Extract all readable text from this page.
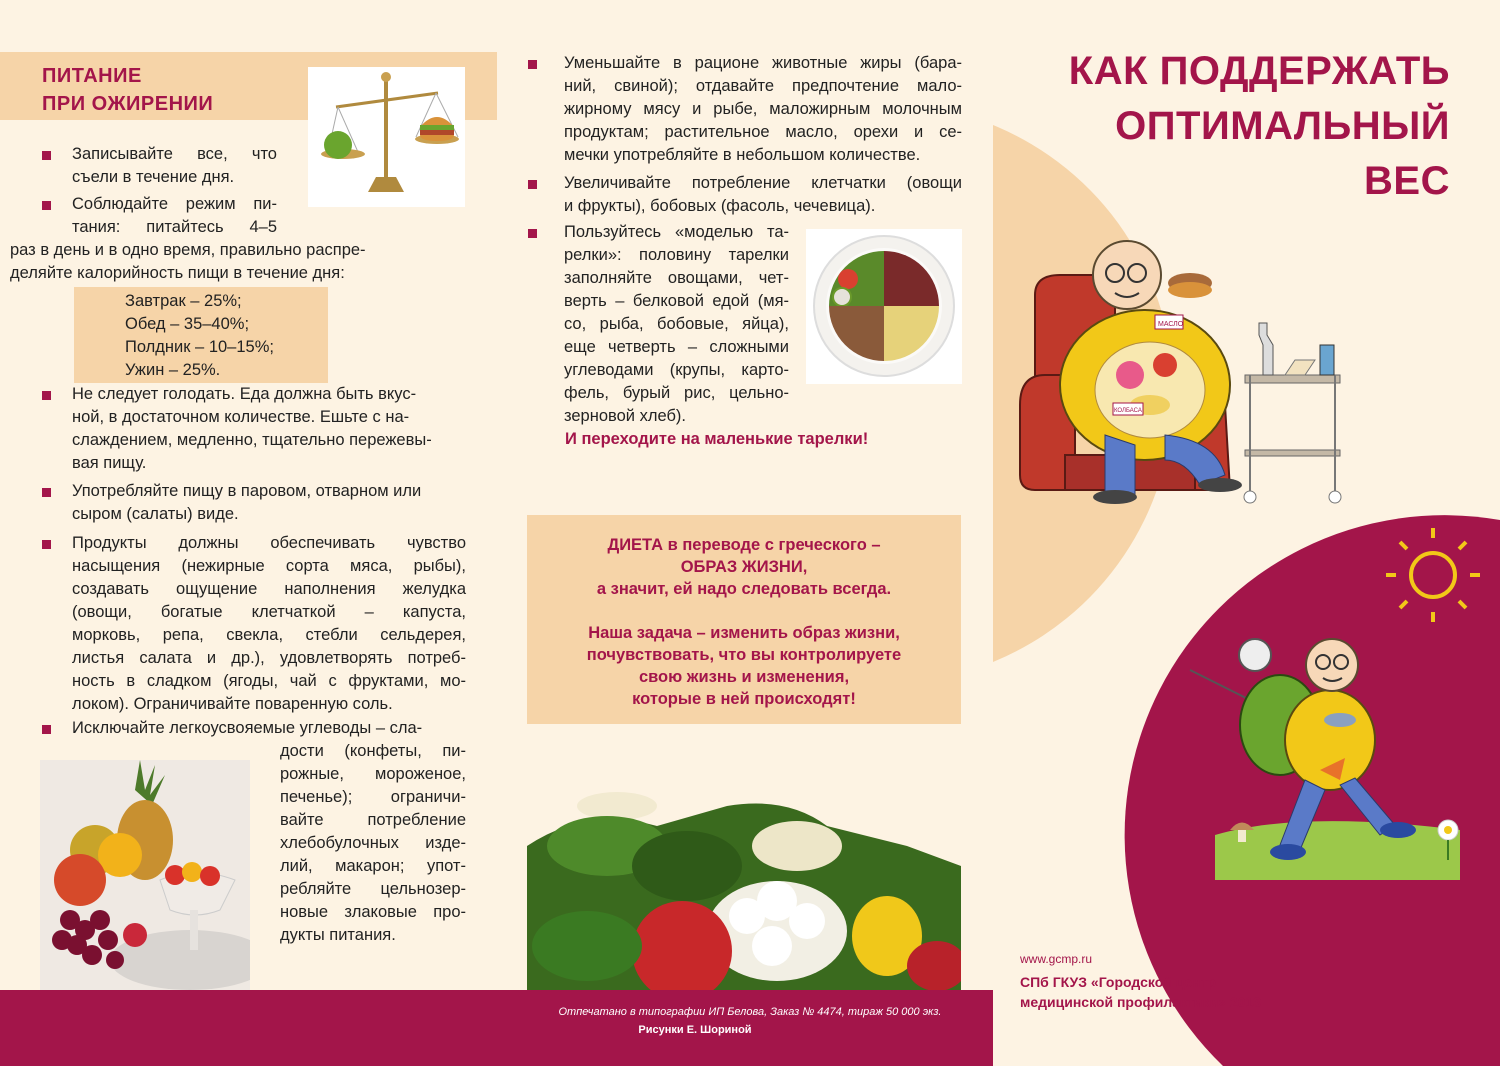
ПИТАНИЕ
ПРИ ОЖИРЕНИИ
Записывайте все, что
съели в течение дня.
Соблюдайте режим пи-
тания: питайтесь 4–5
раз в день и в одно время, правильно распре-
деляйте калорийность пищи в течение дня:
Завтрак – 25%;
Обед – 35–40%;
Полдник – 10–15%;
Ужин – 25%.
Не следует голодать. Еда должна быть вкус-
ной, в достаточном количестве. Ешьте с на-
слаждением, медленно, тщательно пережевы-
вая пищу.
Употребляйте пищу в паровом, отварном или
сыром (салаты) виде.
Продукты должны обеспечивать чувство
насыщения (нежирные сорта мяса, рыбы),
создавать ощущение наполнения желудка
(овощи, богатые клетчаткой – капуста,
морковь, репа, свекла, стебли сельдерея,
листья салата и др.), удовлетворять потреб-
ность в сладком (ягоды, чай с фруктами, мо-
локом). Ограничивайте поваренную соль.
Исключайте легкоусвояемые углеводы – сла-
дости (конфеты, пи-
рожные, мороженое,
печенье); ограничи-
вайте потребление
хлебобулочных изде-
лий, макарон; упот-
ребляйте цельнозер-
новые злаковые про-
дукты питания.
Уменьшайте в рационе животные жиры (бара-
ний, свиной); отдавайте предпочтение мало-
жирному мясу и рыбе, маложирным молочным
продуктам; растительное масло, орехи и се-
мечки употребляйте в небольшом количестве.
Увеличивайте потребление клетчатки (овощи
и фрукты), бобовых (фасоль, чечевица).
Пользуйтесь «моделью та-
релки»: половину тарелки
заполняйте овощами, чет-
верть – белковой едой (мя-
со, рыба, бобовые, яйца),
еще четверть – сложными
углеводами (крупы, карто-
фель, бурый рис, цельно-
зерновой хлеб).
И переходите на маленькие тарелки!
ДИЕТА в переводе с греческого –
ОБРАЗ ЖИЗНИ,
а значит, ей надо следовать всегда.
Наша задача – изменить образ жизни,
почувствовать, что вы контролируете
свою жизнь и изменения,
которые в ней происходят!
Отпечатано в типографии ИП Белова, Заказ № 4474, тираж 50 000 экз.
Рисунки Е. Шориной
КАК ПОДДЕРЖАТЬ
ОПТИМАЛЬНЫЙ
ВЕС
МАСЛО
КОЛБАСА
www.gcmp.ru
СПб ГКУЗ «Городской центр
медицинской профилактики» 2013
